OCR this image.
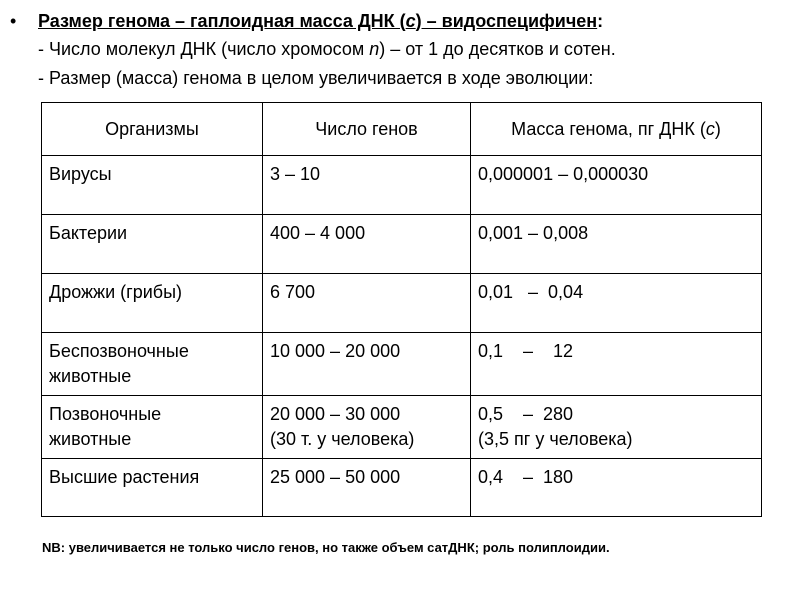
• Размер генома – гаплоидная масса ДНК (с) – видоспецифичен:
- Число молекул ДНК (число хромосом n) – от 1 до десятков и сотен.
- Размер (масса) генома в целом увеличивается в ходе эволюции:
Организмы	Число генов	Масса генома, пг ДНК (с)

Вирусы	3 – 10	0,000001 – 0,000030

Бактерии	400 – 4 000	0,001 – 0,008

Дрожжи (грибы)	6 700	0,01   –  0,04

Беспозвоночные
животные	10 000 – 20 000	0,1    –    12

Позвоночные
животные	20 000 – 30 000
(30 т. у человека)	0,5    –  280
(3,5 пг у человека)

Высшие растения	25 000 – 50 000	0,4    –  180
NB: увеличивается не только число генов, но также объем сатДНК; роль полиплоидии.
